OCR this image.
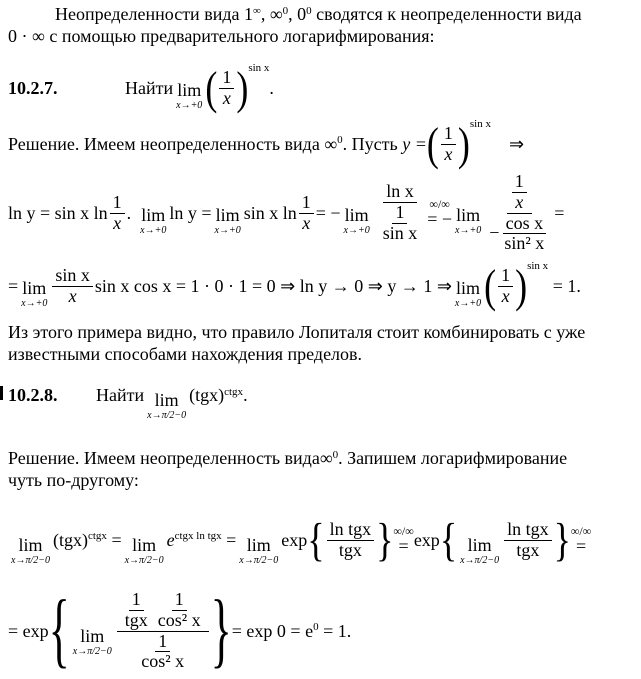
Неопределенности вида
1 ∞ , ∞ 0 , 0 0
сводятся к неопределенности вида
0 · ∞
с помощью предварительного логарифмирования:
10.2.7.	Найти lim
x→+0 ( $\frac{1}{x}$ ) sin x
.
Решение. Имеем неопределенность вида
∞ 0 . Пусть
y = ( $\frac{1}{x}$ ) sin x

⇒
ln y = sin x $\ln \frac{1}{x}$ . lim
x→+0
ln y = lim
x→+0
sin x $\ln \frac{1}{x}$ = − lim
$x\to+0 \frac{\text{ln x}}{\frac{1}{\text{sin x}}}$ ∞/∞
= − lim
$x\to+0 \frac{\frac{1}{x}}{- \frac{\text{cos x}}{\text{sin² x}}}$ =
= lim
$x\to+0 \frac{\text{sin x}}{x}$ sin x cos x = 1 · 0 · 1 = 0 ⇒ ln y → 0 ⇒ y → 1 ⇒ lim
x→+0 ( $\frac{1}{x}$ ) sin x

= 1.
Из этого примера видно, что правило Лопиталя стоит комбинировать с уже
известными способами нахождения пределов.
10.2.8.	Найти lim
x→π/2−0
(tgx) ctgx .
Решение. Имеем неопределенность вида ∞ 0 . Запишем логарифмирование
чуть по-другому:
lim
x→π/2−0
(tgx) ctgx
= lim
x→π/2−0
e ctgx ln tgx
= lim
x→π/2−0
exp { $\frac{\text{ln tgx}}{\text{tgx}}$ } ∞/∞
= exp { lim
$x\to\pi/2-0 \frac{\text{ln tgx}}{\text{tgx}}$ } ∞/∞
=
= exp { lim
$x\to\pi/2-0 \frac{\frac{1}{\text{tgx}} \frac{1}{\text{cos² x}}}{\frac{1}{\text{cos² x}}}$ } = exp 0 = e 0
= 1.
